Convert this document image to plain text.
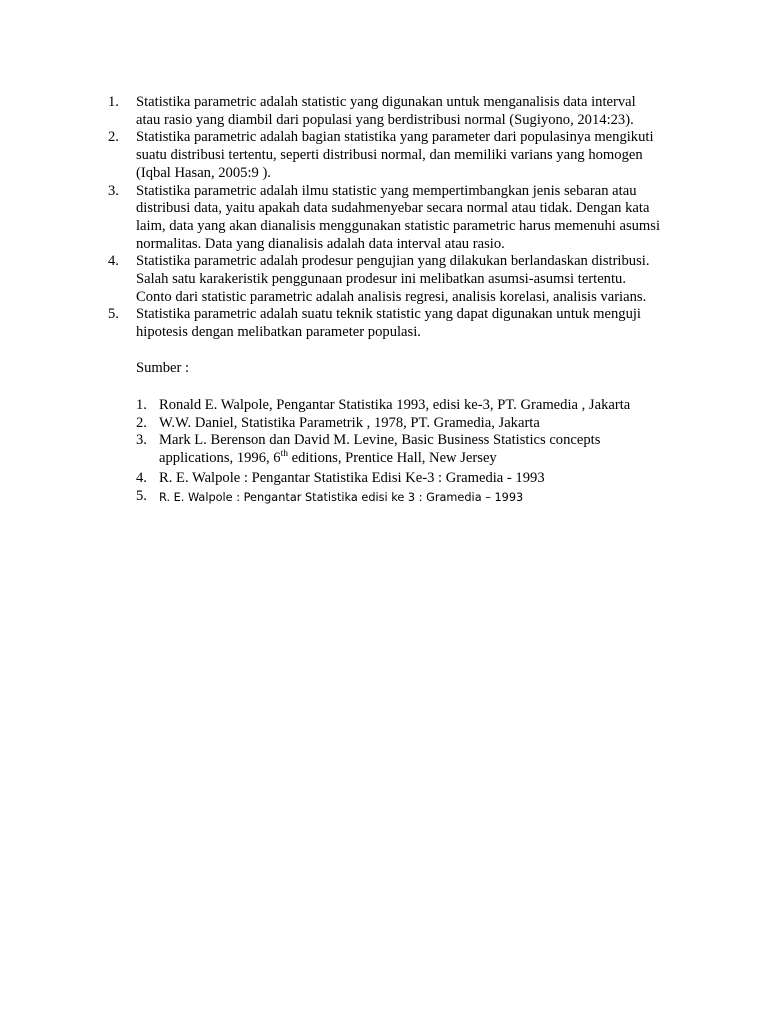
1. Statistika parametric adalah statistic yang digunakan untuk menganalisis data interval
atau rasio yang diambil dari populasi yang berdistribusi normal (Sugiyono, 2014:23).
2. Statistika parametric adalah bagian statistika yang parameter dari populasinya mengikuti
suatu distribusi tertentu, seperti distribusi normal, dan memiliki varians yang homogen
(Iqbal Hasan, 2005:9 ).
3. Statistika parametric adalah ilmu statistic yang mempertimbangkan jenis sebaran atau
distribusi data, yaitu apakah data sudahmenyebar secara normal atau tidak. Dengan kata
laim, data yang akan dianalisis menggunakan statistic parametric harus memenuhi asumsi
normalitas. Data yang dianalisis adalah data interval atau rasio.
4. Statistika parametric adalah prodesur pengujian yang dilakukan berlandaskan distribusi.
Salah satu karakeristik penggunaan prodesur ini melibatkan asumsi-asumsi tertentu.
Conto dari statistic parametric adalah analisis regresi, analisis korelasi, analisis varians.
5. Statistika parametric adalah suatu teknik statistic yang dapat digunakan untuk menguji
hipotesis dengan melibatkan parameter populasi.

Sumber :

1. Ronald E. Walpole, Pengantar Statistika 1993, edisi ke-3, PT. Gramedia , Jakarta
2. W.W. Daniel, Statistika Parametrik , 1978, PT. Gramedia, Jakarta
3. Mark L. Berenson dan David M. Levine, Basic Business Statistics concepts
applications, 1996, 6th editions, Prentice Hall, New Jersey
4. R. E. Walpole : Pengantar Statistika Edisi Ke-3 : Gramedia - 1993
5. R. E. Walpole : Pengantar Statistika edisi ke 3 : Gramedia – 1993
